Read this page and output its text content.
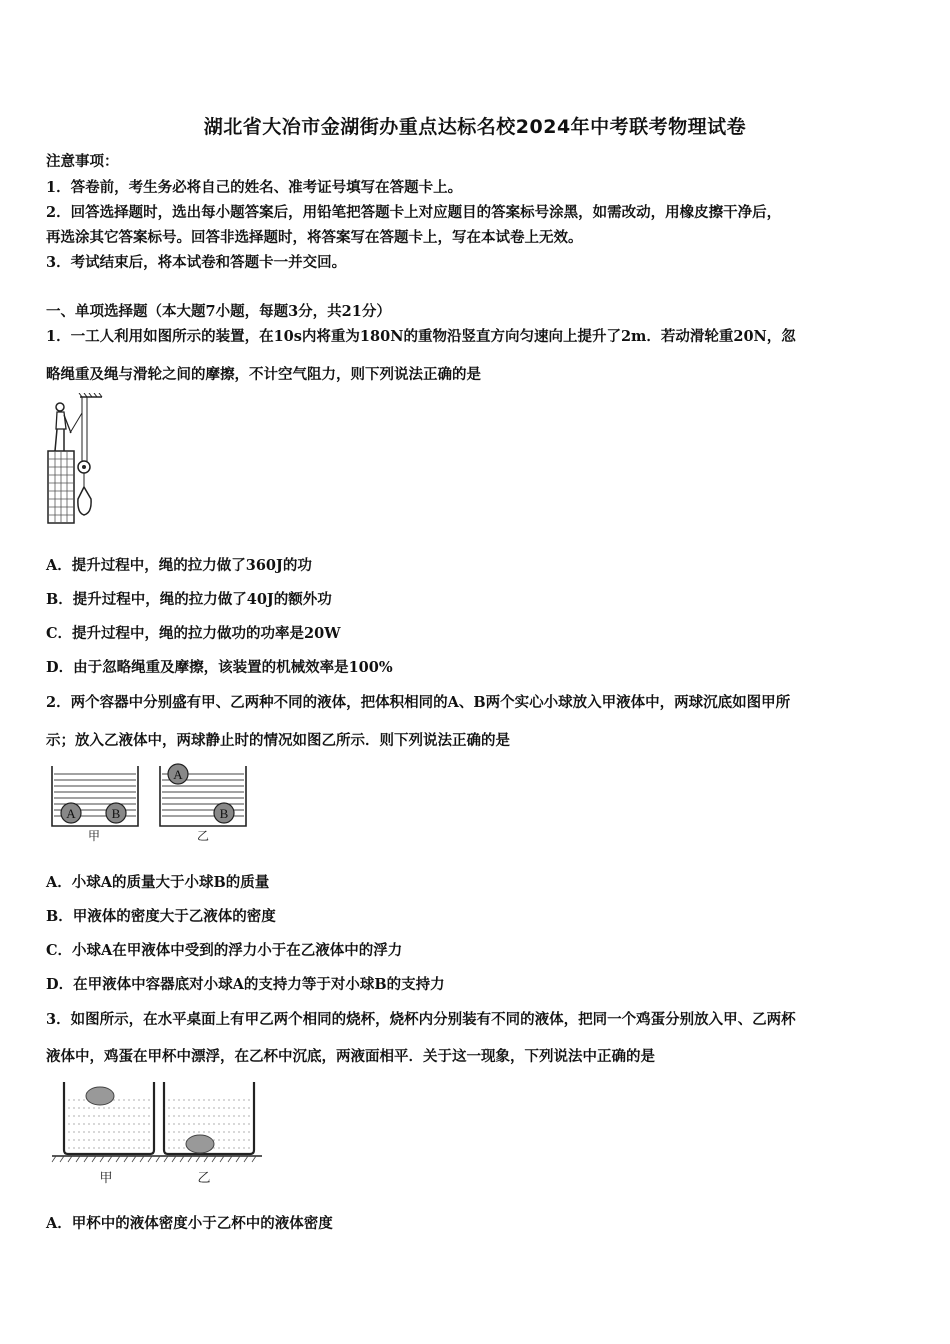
湖北省大冶市金湖街办重点达标名校2024年中考联考物理试卷
注意事项：
1．答卷前，考生务必将自己的姓名、准考证号填写在答题卡上。
2．回答选择题时，选出每小题答案后，用铅笔把答题卡上对应题目的答案标号涂黑，如需改动，用橡皮擦干净后，
再选涂其它答案标号。回答非选择题时，将答案写在答题卡上，写在本试卷上无效。
3．考试结束后，将本试卷和答题卡一并交回。
一、单项选择题（本大题7小题，每题3分，共21分）
1．一工人利用如图所示的装置，在10s内将重为180N的重物沿竖直方向匀速向上提升了2m．若动滑轮重20N，忽
略绳重及绳与滑轮之间的摩擦，不计空气阻力，则下列说法正确的是
A．提升过程中，绳的拉力做了360J的功
B．提升过程中，绳的拉力做了40J的额外功
C．提升过程中，绳的拉力做功的功率是20W
D．由于忽略绳重及摩擦，该装置的机械效率是100%
2．两个容器中分别盛有甲、乙两种不同的液体，把体积相同的A、B两个实心小球放入甲液体中，两球沉底如图甲所
示；放入乙液体中，两球静止时的情况如图乙所示．则下列说法正确的是
A	B
甲
A
B
乙
A．小球A的质量大于小球B的质量
B．甲液体的密度大于乙液体的密度
C．小球A在甲液体中受到的浮力小于在乙液体中的浮力
D．在甲液体中容器底对小球A的支持力等于对小球B的支持力
3．如图所示，在水平桌面上有甲乙两个相同的烧杯，烧杯内分别装有不同的液体，把同一个鸡蛋分别放入甲、乙两杯
液体中，鸡蛋在甲杯中漂浮，在乙杯中沉底，两液面相平．关于这一现象，下列说法中正确的是
甲	乙
A．甲杯中的液体密度小于乙杯中的液体密度
